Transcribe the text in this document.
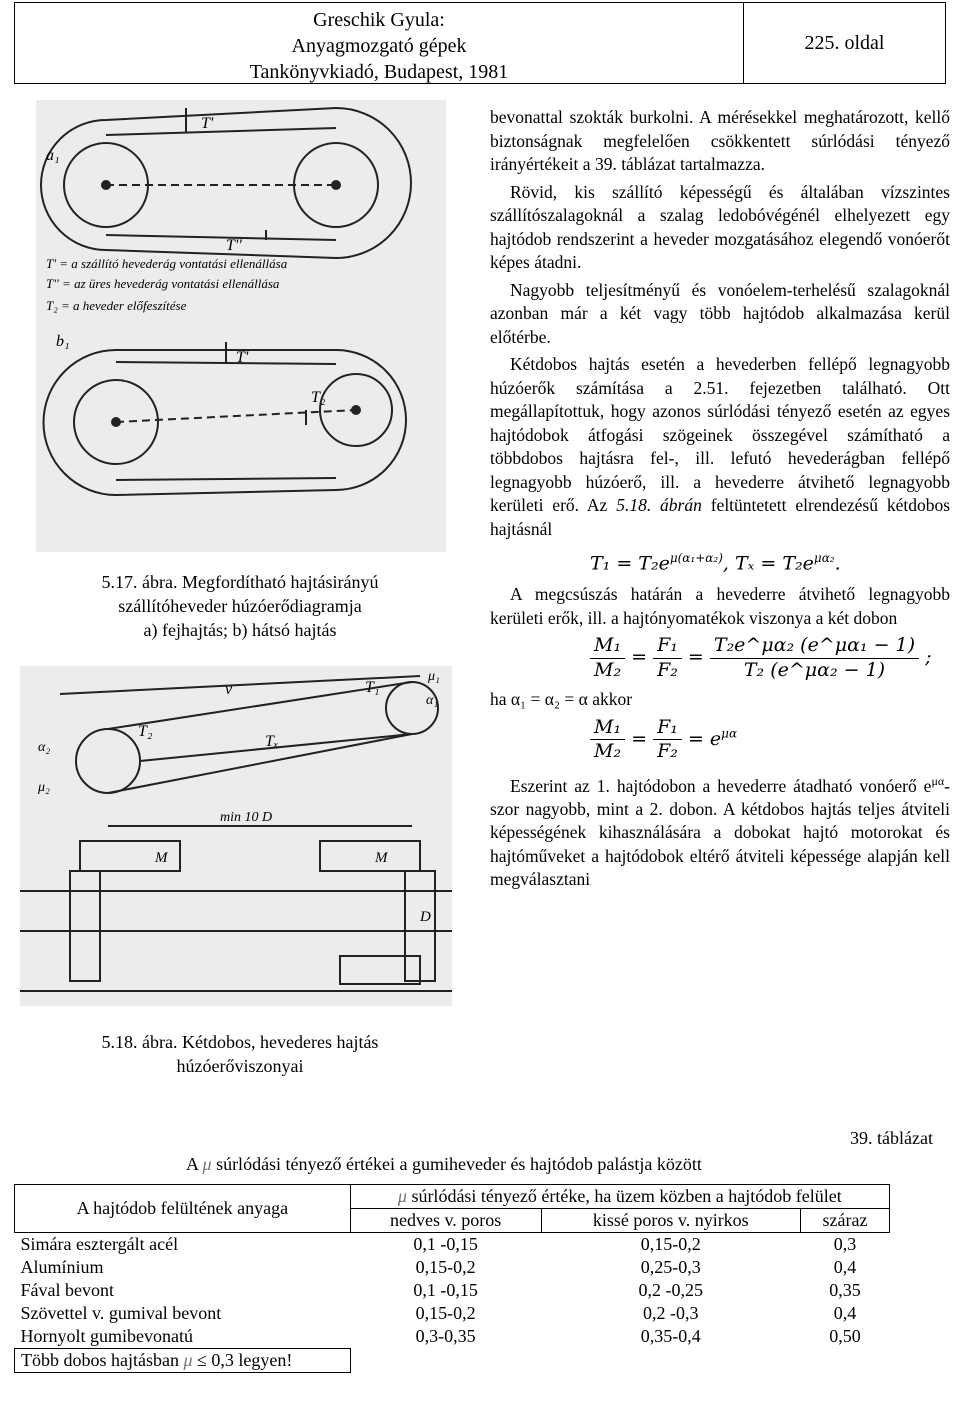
Greschik Gyula:
Anyagmozgató gépek
Tankönyvkiadó, Budapest, 1981
225. oldal
a₁
T'
T''
T' = a szállító hevederág vontatási ellenállása
T'' = az üres hevederág vontatási ellenállása
T₂ = a heveder előfeszítése
b₁
T'
T₂
5.17. ábra. Megfordítható hajtásirányú
szállítóheveder húzóerődiagramja
a) fejhajtás; b) hátsó hajtás
v	T₁
T₂
Tₓ
μ₁
α₁
α₂
μ₂
min 10 D
M	M
D
5.18. ábra. Kétdobos, hevederes hajtás
húzóerőviszonyai

bevonattal szokták burkolni. A mérésekkel meghatározott, kellő biztonságnak megfelelően csökkentett súrlódási tényező irányértékeit a 39. táblázat tartalmazza.

Rövid, kis szállító képességű és általában vízszintes szállítószalagoknál a szalag ledobóvégénél elhelyezett egy hajtódob rendszerint a heveder mozgatásához elegendő vonóerőt képes átadni.

Nagyobb teljesítményű és vonóelem-terhelésű szalagoknál azonban már a két vagy több hajtódob alkalmazása kerül előtérbe.

Kétdobos hajtás esetén a hevederben fellépő legnagyobb húzóerők számítása a 2.51. fejezetben található. Ott megállapítottuk, hogy azonos súrlódási tényező esetén az egyes hajtódobok átfogási szögeinek összegével számítható a többdobos hajtásra fel-, ill. lefutó hevederágban fellépő legnagyobb húzóerő, ill. a hevederre átvihető legnagyobb kerületi erő. Az 5.18. ábrán feltüntetett elrendezésű kétdobos hajtásnál

$T_1 = T_2e^{\mu(\alpha_1+\alpha_2)}$, $T_x = T_2e^{\mu\alpha_2}$.

A megcsúszás határán a hevederre átvihető legnagyobb kerületi erők, ill. a hajtónyomatékok viszonya a két dobon

$\frac{\text{M₁}}{\text{M₂}} = \frac{\text{F₁}}{\text{F₂}} = \frac{\text{T₂e\textasciicircum{}μα₂ (e\textasciicircum{}μα₁ − 1)}}{\text{T₂ (e\textasciicircum{}μα₂ − 1)}}$ ;

ha α₁ = α₂ = α akkor

$\frac{\text{M₁}}{\text{M₂}} = \frac{\text{F₁}}{\text{F₂}} = e^{\mu\alpha}$

Eszerint az 1. hajtódobon a hevederre átadható vonóerő $e^{\mu\alpha}$-szor nagyobb, mint a 2. dobon. A kétdobos hajtás teljes átviteli képességének kihasználására a dobokat hajtó motorokat és hajtóműveket a hajtódobok eltérő átviteli képessége alapján kell megválasztani

39. táblázat
A μ súrlódási tényező értékei a gumiheveder és hajtódob palástja között
A hajtódob felültének anyaga	μ súrlódási tényező értéke, ha üzem közben a hajtódob felület		
	nedves v. poros	kissé poros v. nyirkos	száraz
Simára esztergált acél	0,1 -0,15	0,15-0,2	0,3
Alumínium	0,15-0,2	0,25-0,3	0,4
Fával bevont	0,1 -0,15	0,2 -0,25	0,35
Szövettel v. gumival bevont	0,15-0,2	0,2 -0,3	0,4
Hornyolt gumibevonatú	0,3-0,35	0,35-0,4	0,50
Több dobos hajtásban μ ≤ 0,3 legyen!			
